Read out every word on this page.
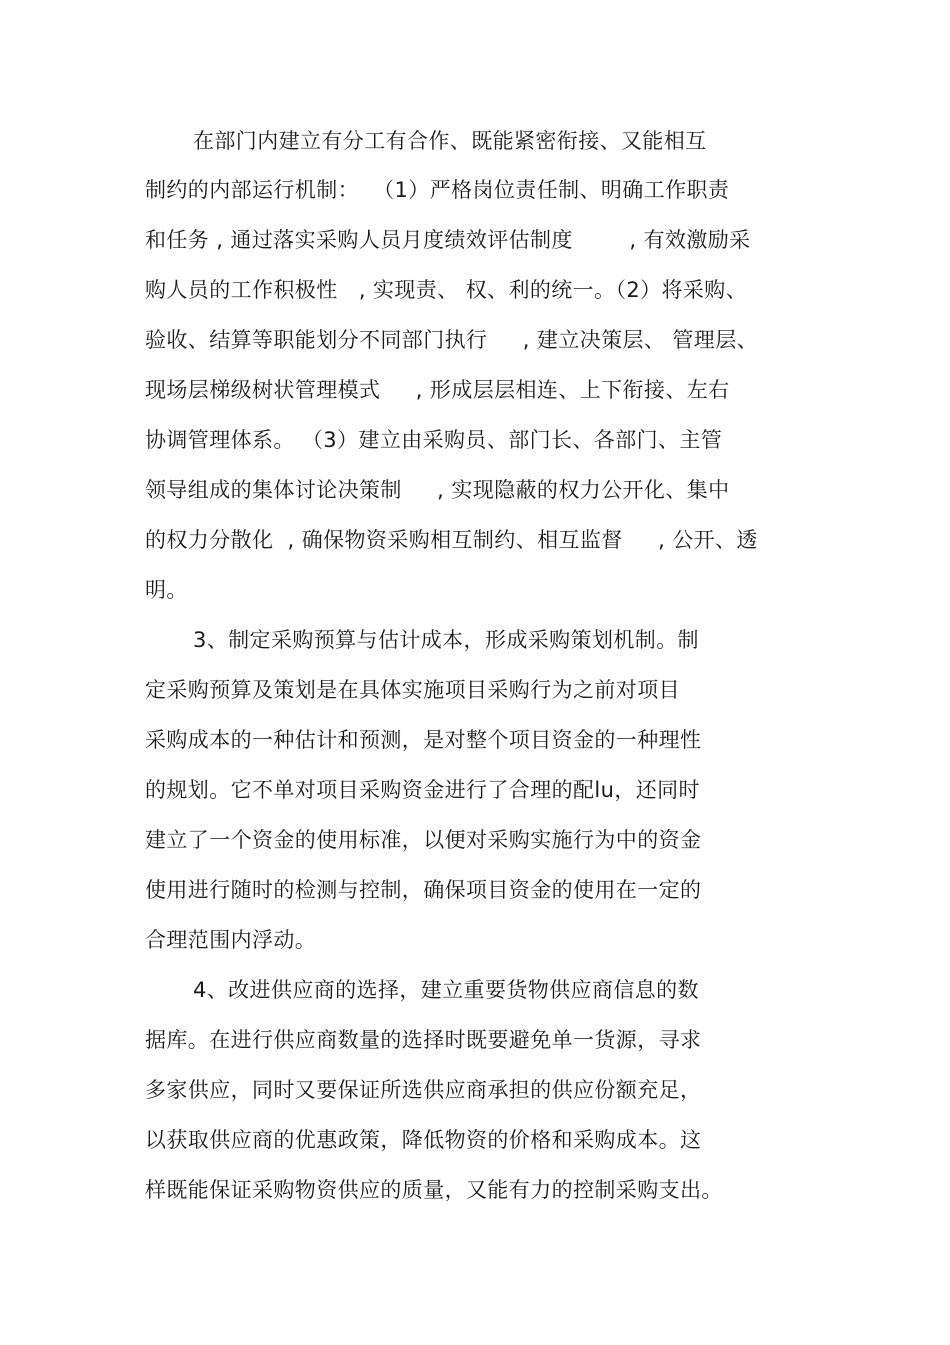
在部门内建立有分工有合作、既能紧密衔接、又能相互
制约的内部运行机制：  （1）严格岗位责任制、明确工作职责
和任务 , 通过落实采购人员月度绩效评估制度        , 有效激励采
购人员的工作积极性   , 实现责、 权、利的统一。（2）将采购、
验收、结算等职能划分不同部门执行     , 建立决策层、 管理层、
现场层梯级树状管理模式     , 形成层层相连、上下衔接、左右
协调管理体系。 （3）建立由采购员、部门长、各部门、主管
领导组成的集体讨论决策制     , 实现隐蔽的权力公开化、集中
的权力分散化  , 确保物资采购相互制约、相互监督     , 公开、透
明。
3、制定采购预算与估计成本，形成采购策划机制。制
定采购预算及策划是在具体实施项目采购行为之前对项目
采购成本的一种估计和预测，是对整个项目资金的一种理性
的规划。它不单对项目采购资金进行了合理的配lu，还同时
建立了一个资金的使用标准，以便对采购实施行为中的资金
使用进行随时的检测与控制，确保项目资金的使用在一定的
合理范围内浮动。
4、改进供应商的选择，建立重要货物供应商信息的数
据库。在进行供应商数量的选择时既要避免单一货源，寻求
多家供应，同时又要保证所选供应商承担的供应份额充足，
以获取供应商的优惠政策，降低物资的价格和采购成本。这
样既能保证采购物资供应的质量，又能有力的控制采购支出。
